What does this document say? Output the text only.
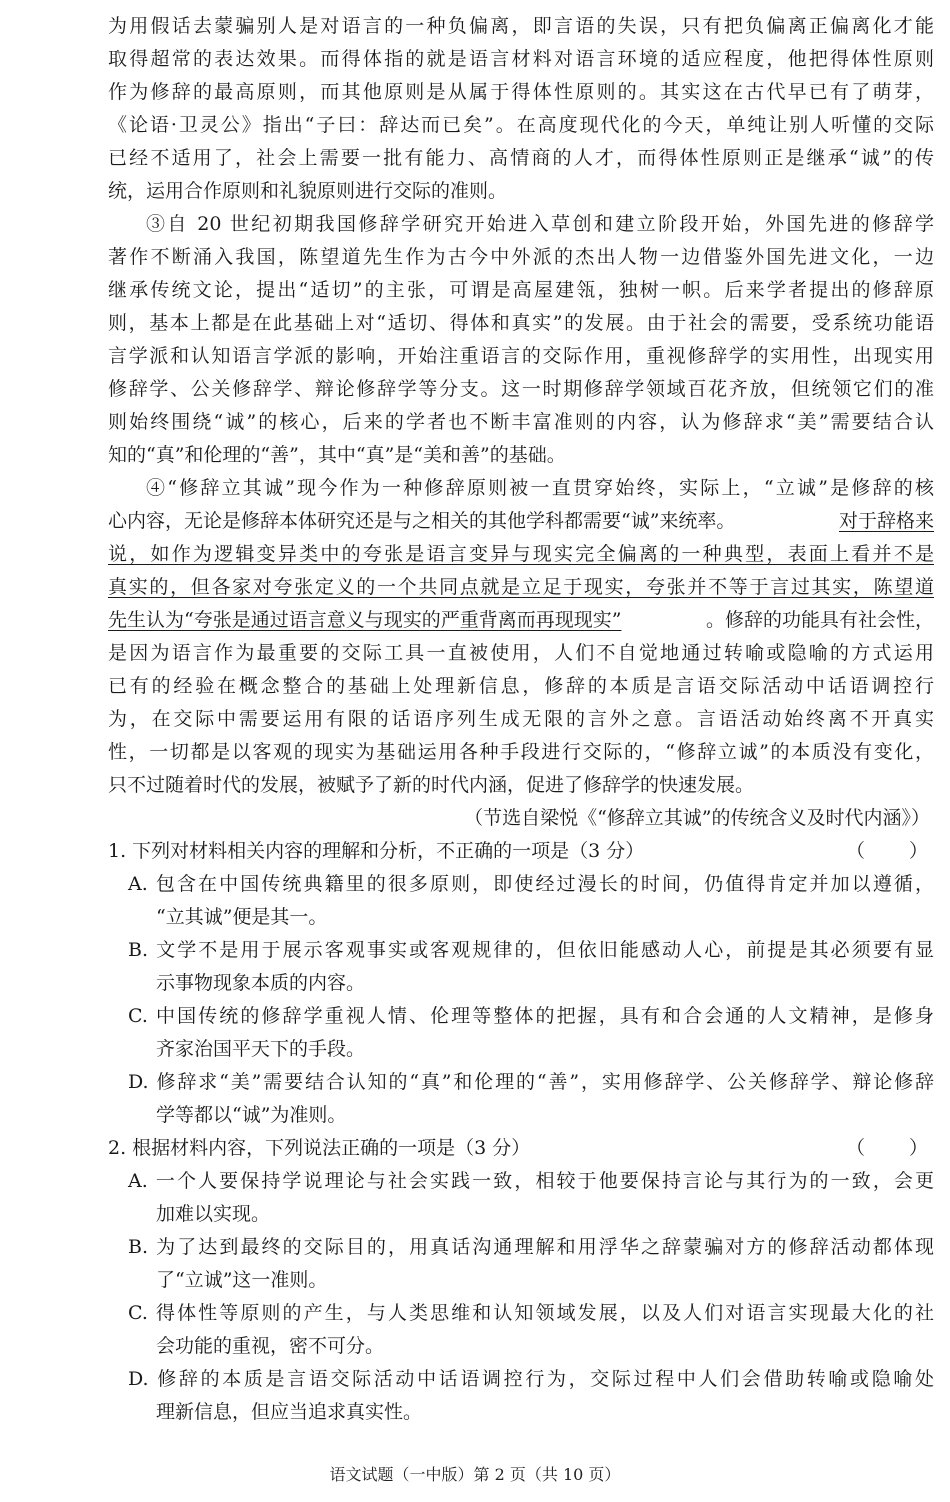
为用假话去蒙骗别人是对语言的一种负偏离，即言语的失误，只有把负偏离正偏离化才能
取得超常的表达效果。而得体指的就是语言材料对语言环境的适应程度，他把得体性原则
作为修辞的最高原则，而其他原则是从属于得体性原则的。其实这在古代早已有了萌芽，
《论语·卫灵公》指出“子曰：辞达而已矣”。在高度现代化的今天，单纯让别人听懂的交际
已经不适用了，社会上需要一批有能力、高情商的人才，而得体性原则正是继承“诚”的传
统，运用合作原则和礼貌原则进行交际的准则。
③自 20 世纪初期我国修辞学研究开始进入草创和建立阶段开始，外国先进的修辞学
著作不断涌入我国，陈望道先生作为古今中外派的杰出人物一边借鉴外国先进文化，一边
继承传统文论，提出“适切”的主张，可谓是高屋建瓴，独树一帜。后来学者提出的修辞原
则，基本上都是在此基础上对“适切、得体和真实”的发展。由于社会的需要，受系统功能语
言学派和认知语言学派的影响，开始注重语言的交际作用，重视修辞学的实用性，出现实用
修辞学、公关修辞学、辩论修辞学等分支。这一时期修辞学领域百花齐放，但统领它们的准
则始终围绕“诚”的核心，后来的学者也不断丰富准则的内容，认为修辞求“美”需要结合认
知的“真”和伦理的“善”，其中“真”是“美和善”的基础。
④“修辞立其诚”现今作为一种修辞原则被一直贯穿始终，实际上，“立诚”是修辞的核
心内容，无论是修辞本体研究还是与之相关的其他学科都需要“诚”来统率。	对于辞格来
说，如作为逻辑变异类中的夸张是语言变异与现实完全偏离的一种典型，表面上看并不是
真实的，但各家对夸张定义的一个共同点就是立足于现实，夸张并不等于言过其实，陈望道
先生认为“夸张是通过语言意义与现实的严重背离而再现现实”	。修辞的功能具有社会性，
是因为语言作为最重要的交际工具一直被使用，人们不自觉地通过转喻或隐喻的方式运用
已有的经验在概念整合的基础上处理新信息，修辞的本质是言语交际活动中话语调控行
为，在交际中需要运用有限的话语序列生成无限的言外之意。言语活动始终离不开真实
性，一切都是以客观的现实为基础运用各种手段进行交际的，“修辞立诚”的本质没有变化，
只不过随着时代的发展，被赋予了新的时代内涵，促进了修辞学的快速发展。
（节选自梁悦《“修辞立其诚”的传统含义及时代内涵》）
1. 下列对材料相关内容的理解和分析，不正确的一项是（3 分）	（　　）
A. 包含在中国传统典籍里的很多原则，即使经过漫长的时间，仍值得肯定并加以遵循，
“立其诚”便是其一。
B. 文学不是用于展示客观事实或客观规律的，但依旧能感动人心，前提是其必须要有显
示事物现象本质的内容。
C. 中国传统的修辞学重视人情、伦理等整体的把握，具有和合会通的人文精神，是修身
齐家治国平天下的手段。
D. 修辞求“美”需要结合认知的“真”和伦理的“善”，实用修辞学、公关修辞学、辩论修辞
学等都以“诚”为准则。
2. 根据材料内容，下列说法正确的一项是（3 分）	（　　）
A. 一个人要保持学说理论与社会实践一致，相较于他要保持言论与其行为的一致，会更
加难以实现。
B. 为了达到最终的交际目的，用真话沟通理解和用浮华之辞蒙骗对方的修辞活动都体现
了“立诚”这一准则。
C. 得体性等原则的产生，与人类思维和认知领域发展，以及人们对语言实现最大化的社
会功能的重视，密不可分。
D. 修辞的本质是言语交际活动中话语调控行为，交际过程中人们会借助转喻或隐喻处
理新信息，但应当追求真实性。
语文试题（一中版）第 2 页（共 10 页）
